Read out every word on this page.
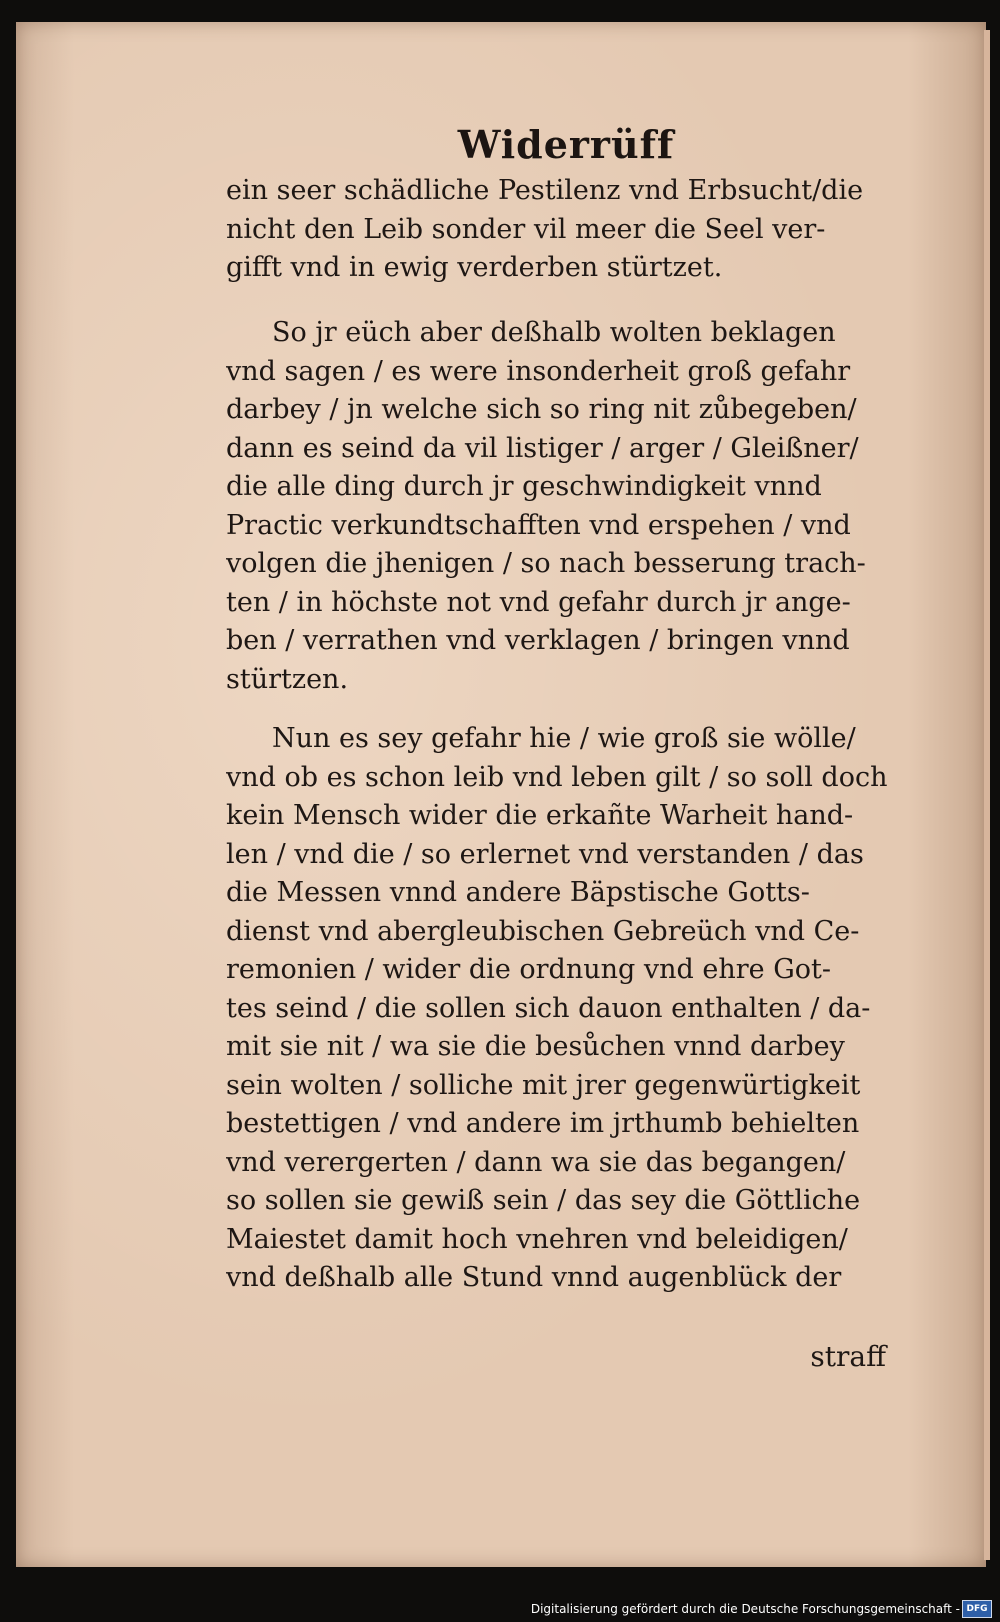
Widerrüff
ein seer schädliche Pestilenz vnd Erbsucht/die
nicht den Leib sonder vil meer die Seel ver-
gifft vnd in ewig verderben stürtzet.
So jr eüch aber deßhalb wolten beklagen
vnd sagen / es were insonderheit groß gefahr
darbey / jn welche sich so ring nit zůbegeben/
dann es seind da vil listiger / arger / Gleißner/
die alle ding durch jr geschwindigkeit vnnd
Practic verkundtschafften vnd erspehen / vnd
volgen die jhenigen / so nach besserung trach-
ten / in höchste not vnd gefahr durch jr ange-
ben / verrathen vnd verklagen / bringen vnnd
stürtzen.
Nun es sey gefahr hie / wie groß sie wölle/
vnd ob es schon leib vnd leben gilt / so soll doch
kein Mensch wider die erkañte Warheit hand-
len / vnd die / so erlernet vnd verstanden / das
die Messen vnnd andere Bäpstische Gotts-
dienst vnd abergleubischen Gebreüch vnd Ce-
remonien / wider die ordnung vnd ehre Got-
tes seind / die sollen sich dauon enthalten / da-
mit sie nit / wa sie die besůchen vnnd darbey
sein wolten / solliche mit jrer gegenwürtigkeit
bestettigen / vnd andere im jrthumb behielten
vnd verergerten / dann wa sie das begangen/
so sollen sie gewiß sein / das sey die Göttliche
Maiestet damit hoch vnehren vnd beleidigen/
vnd deßhalb alle Stund vnnd augenblück der
straff
Digitalisierung gefördert durch die Deutsche Forschungsgemeinschaft - DFG
